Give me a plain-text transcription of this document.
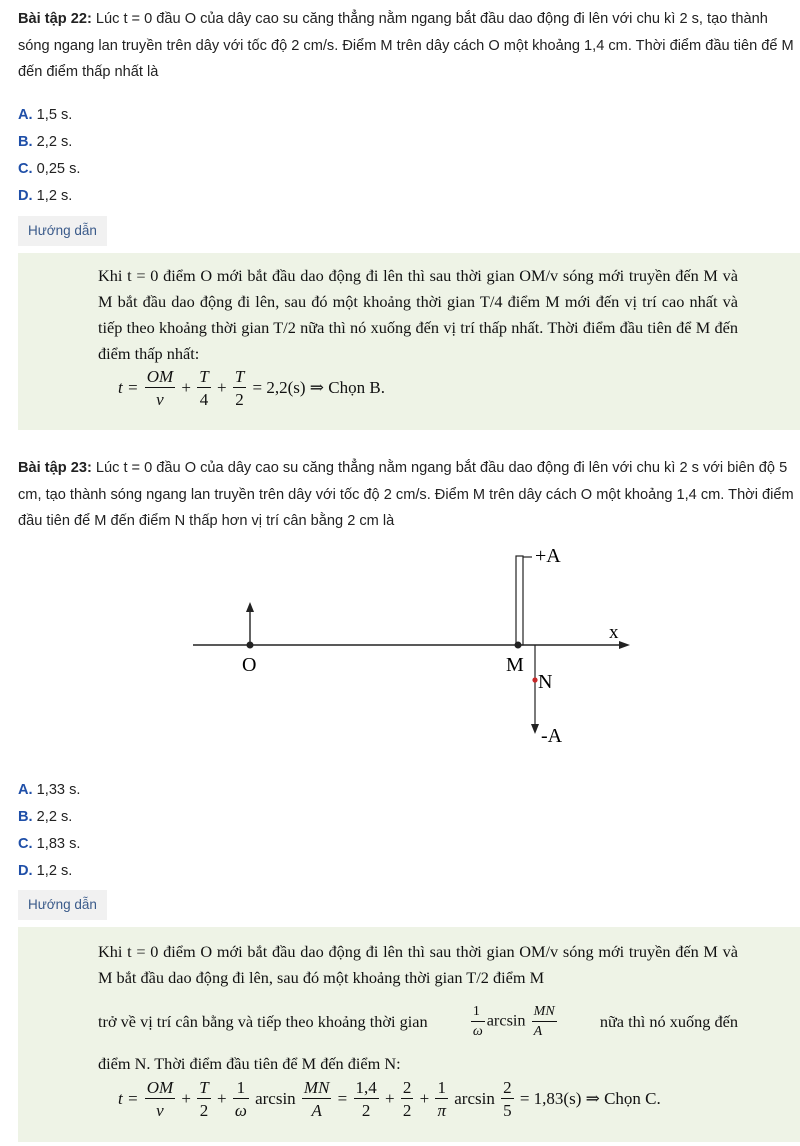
Bài tập 22: Lúc t = 0 đầu O của dây cao su căng thẳng nằm ngang bắt đầu dao động đi lên với chu kì 2 s, tạo thành sóng ngang lan truyền trên dây với tốc độ 2 cm/s. Điểm M trên dây cách O một khoảng 1,4 cm. Thời điểm đầu tiên để M đến điểm thấp nhất là

A. 1,5 s.
B. 2,2 s.
C. 0,25 s.
D. 1,2 s.
Hướng dẫn
Khi t = 0 điểm O mới bắt đầu dao động đi lên thì sau thời gian OM/v sóng mới truyền đến M và M bắt đầu dao động đi lên, sau đó một khoảng thời gian T/4 điểm M mới đến vị trí cao nhất và tiếp theo khoảng thời gian T/2 nữa thì nó xuống đến vị trí thấp nhất. Thời điểm đầu tiên để M đến điểm thấp nhất:
$t = \frac{OM}{v} + \frac{T}{4} + \frac{T}{2} = 2,2(s)$ ⇒ Chọn B.

Bài tập 23: Lúc t = 0 đầu O của dây cao su căng thẳng nằm ngang bắt đầu dao động đi lên với chu kì 2 s với biên độ 5 cm, tạo thành sóng ngang lan truyền trên dây với tốc độ 2 cm/s. Điểm M trên dây cách O một khoảng 1,4 cm. Thời điểm đầu tiên để M đến điểm N thấp hơn vị trí cân bằng 2 cm là

+A
-A
x
O	M
N
A. 1,33 s.
B. 2,2 s.
C. 1,83 s.
D. 1,2 s.
Hướng dẫn
Khi t = 0 điểm O mới bắt đầu dao động đi lên thì sau thời gian OM/v sóng mới truyền đến M và M bắt đầu dao động đi lên, sau đó một khoảng thời gian T/2 điểm M
trở về vị trí cân bằng và tiếp theo khoảng thời gian	$\frac{1}{\omega}$ $\arcsin \frac{MN}{A}$	nữa thì nó xuống đến
điểm N. Thời điểm đầu tiên để M đến điểm N:
$t = \frac{OM}{v} + \frac{T}{2} + \frac{1}{\omega}$ $\arcsin \frac{MN}{A} = \frac{1,4}{2} + \frac{2}{2} + \frac{1}{\pi}$ $\arcsin \frac{2}{5} = 1,83(s)$ ⇒ Chọn C.
